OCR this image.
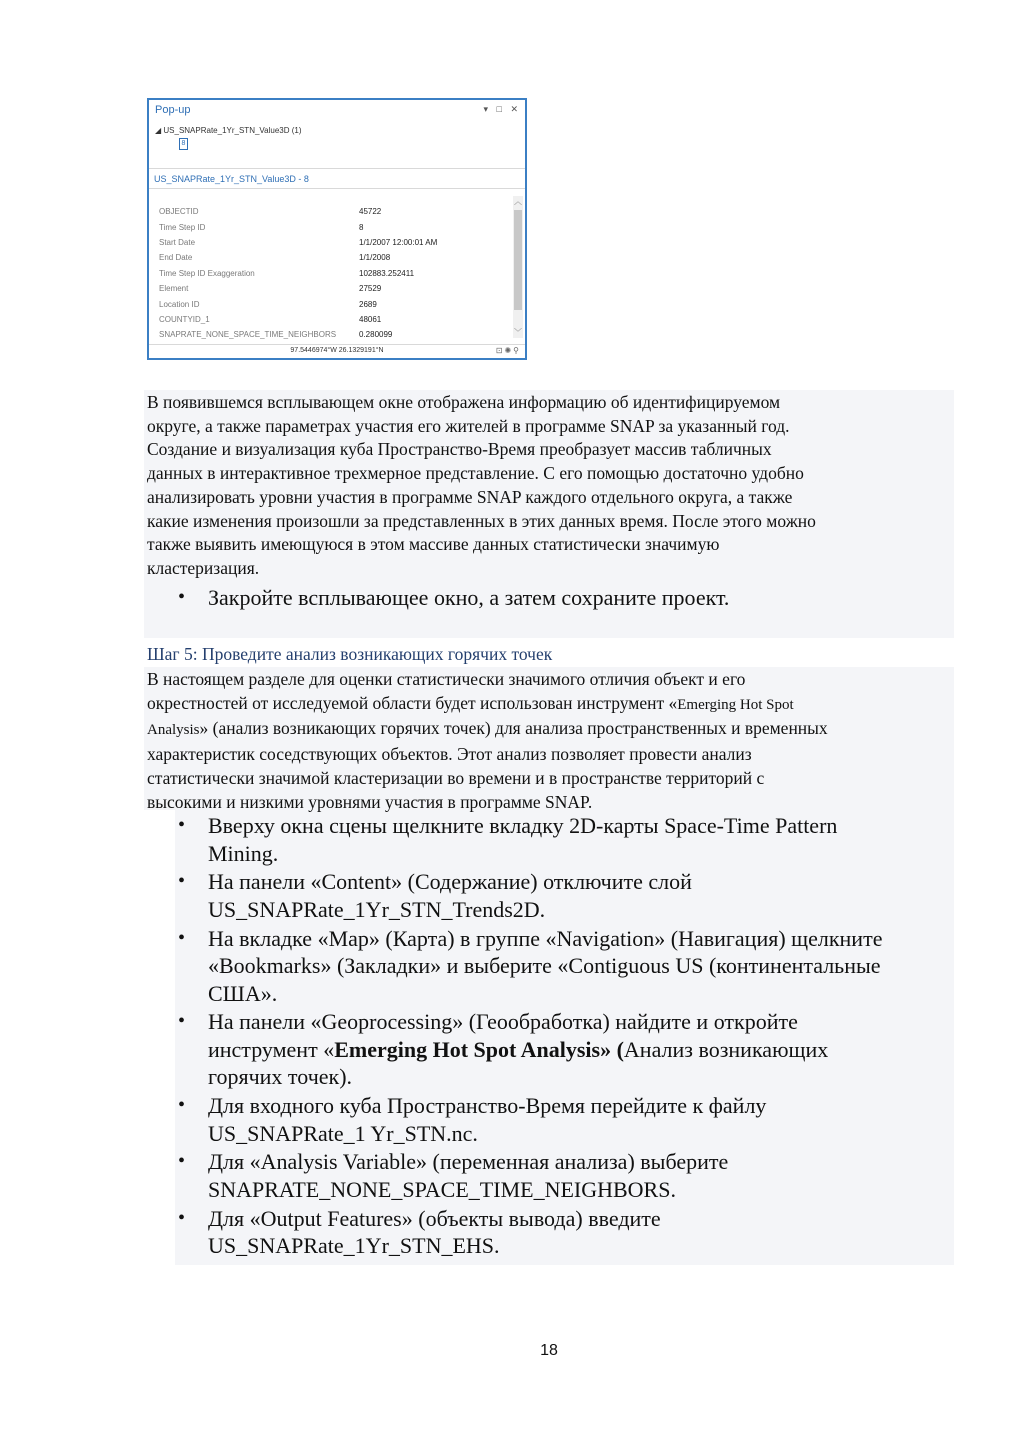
Pop-up	▾ □ ✕
◢ US_SNAPRate_1Yr_STN_Value3D (1)
8
US_SNAPRate_1Yr_STN_Value3D - 8
OBJECTID	45722
Time Step ID	8
Start Date	1/1/2007 12:00:01 AM
End Date	1/1/2008
Time Step ID Exaggeration	102883.252411
Element	27529
Location ID	2689
COUNTYID_1	48061
SNAPRATE_NONE_SPACE_TIME_NEIGHBORS	0.280099
︿
﹀
97.5446974°W 26.1329191°N	⊡✺⚲
В появившемся всплывающем окне отображена информацию об идентифицируемом
округе, а также параметрах участия его жителей в программе SNAP за указанный год.
Создание и визуализация куба Пространство-Время преобразует массив табличных
данных в интерактивное трехмерное представление. С его помощью достаточно удобно
анализировать уровни участия в программе SNAP каждого отдельного округа, а также
какие изменения произошли за представленных в этих данных время. После этого можно
также выявить имеющуюся в этом массиве данных статистически значимую
кластеризация.
• Закройте всплывающее окно, а затем сохраните проект.
Шаг 5: Проведите анализ возникающих горячих точек
В настоящем разделе для оценки статистически значимого отличия объект и его
окрестностей от исследуемой области будет использован инструмент «Emerging Hot Spot
Analysis» (анализ возникающих горячих точек) для анализа пространственных и временных
характеристик соседствующих объектов. Этот анализ позволяет провести анализ
статистически значимой кластеризации во времени и в пространстве территорий с
высокими и низкими уровнями участия в программе SNAP.
• Вверху окна сцены щелкните вкладку 2D-карты Space-Time Pattern
Mining.
• На панели «Content» (Содержание) отключите слой
US_SNAPRate_1Yr_STN_Trends2D.
• На вкладке «Map» (Карта) в группе «Navigation» (Навигация) щелкните
«Bookmarks» (Закладки» и выберите «Contiguous US (континентальные
США».
• На панели «Geoprocessing» (Геообработка) найдите и откройте
инструмент «Emerging Hot Spot Analysis» (Анализ возникающих
горячих точек).
• Для входного куба Пространство-Время перейдите к файлу
US_SNAPRate_1 Yr_STN.nc.
• Для «Analysis Variable» (переменная анализа) выберите
SNAPRATE_NONE_SPACE_TIME_NEIGHBORS.
• Для «Output Features» (объекты вывода) введите
US_SNAPRate_1Yr_STN_EHS.
18
